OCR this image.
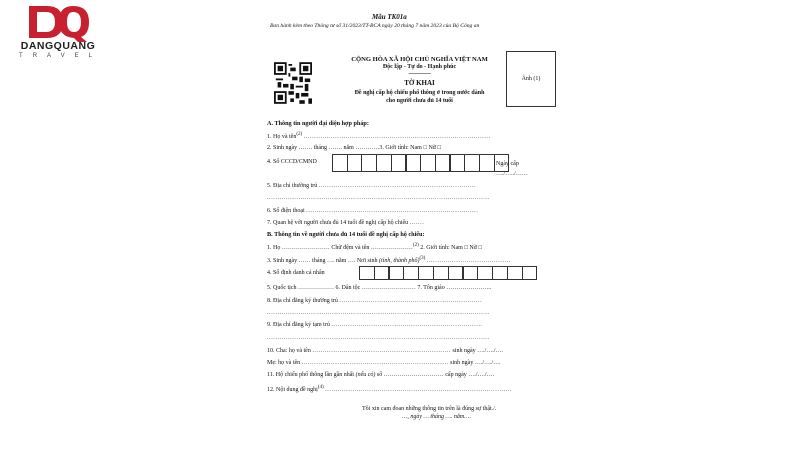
DANGQUANG
TRAVEL
Mẫu TK01a
Ban hành kèm theo Thông tư số 31/2023/TT-BCA ngày 20 tháng 7 năm 2023 của Bộ Công an
CỘNG HÒA XÃ HỘI CHỦ NGHĨA VIỆT NAM
Độc lập - Tự do - Hạnh phúc
---------------
TỜ KHAI
Đề nghị cấp hộ chiếu phổ thông ở trong nước dành
cho người chưa đủ 14 tuổi
Ảnh (1)
A. Thông tin người đại diện hợp pháp:
1. Họ và tên$^{(2)}$ .........................................................................................
2. Sinh ngày ……. tháng ……. năm …………3. Giới tính: Nam □ Nữ □
4. Số CCCD/CMND	Ngày cấp
…./…../……
5. Địa chỉ thường trú ...........................................................................
..........................................................................................................
6. Số điện thoại ..................................................................................
7. Quan hệ với người chưa đủ 14 tuổi đề nghị cấp hộ chiếu .......
B. Thông tin về người chưa đủ 14 tuổi đề nghị cấp hộ chiếu:
1. Họ …………………… Chữ đệm và tên …………………$^{(2)}$ 2. Giới tính: Nam □ Nữ □
3. Sinh ngày …… tháng …. năm …. Nơi sinh (tỉnh, thành phố)$^{(3)}$ ........................................
4. Số định danh cá nhân
5. Quốc tịch ……………… 6. Dân tộc ……………………… 7. Tôn giáo …………………..
8. Địa chỉ đăng ký thường trú ....................................................................
..........................................................................................................
9. Địa chỉ đăng ký tạm trú ........................................................................
..........................................................................................................
10. Cha: họ và tên .................................................................. sinh ngày …./…./….
Mẹ: họ và tên ...................................................................... sinh ngày …./…./….
11. Hộ chiếu phổ thông lần gần nhất (nếu có) số ………………………… cấp ngày …./…./….
12. Nội dung đề nghị$^{(4)}$ .........................................................................................
Tôi xin cam đoan những thông tin trên là đúng sự thật./.
…, ngày … tháng …. năm….
